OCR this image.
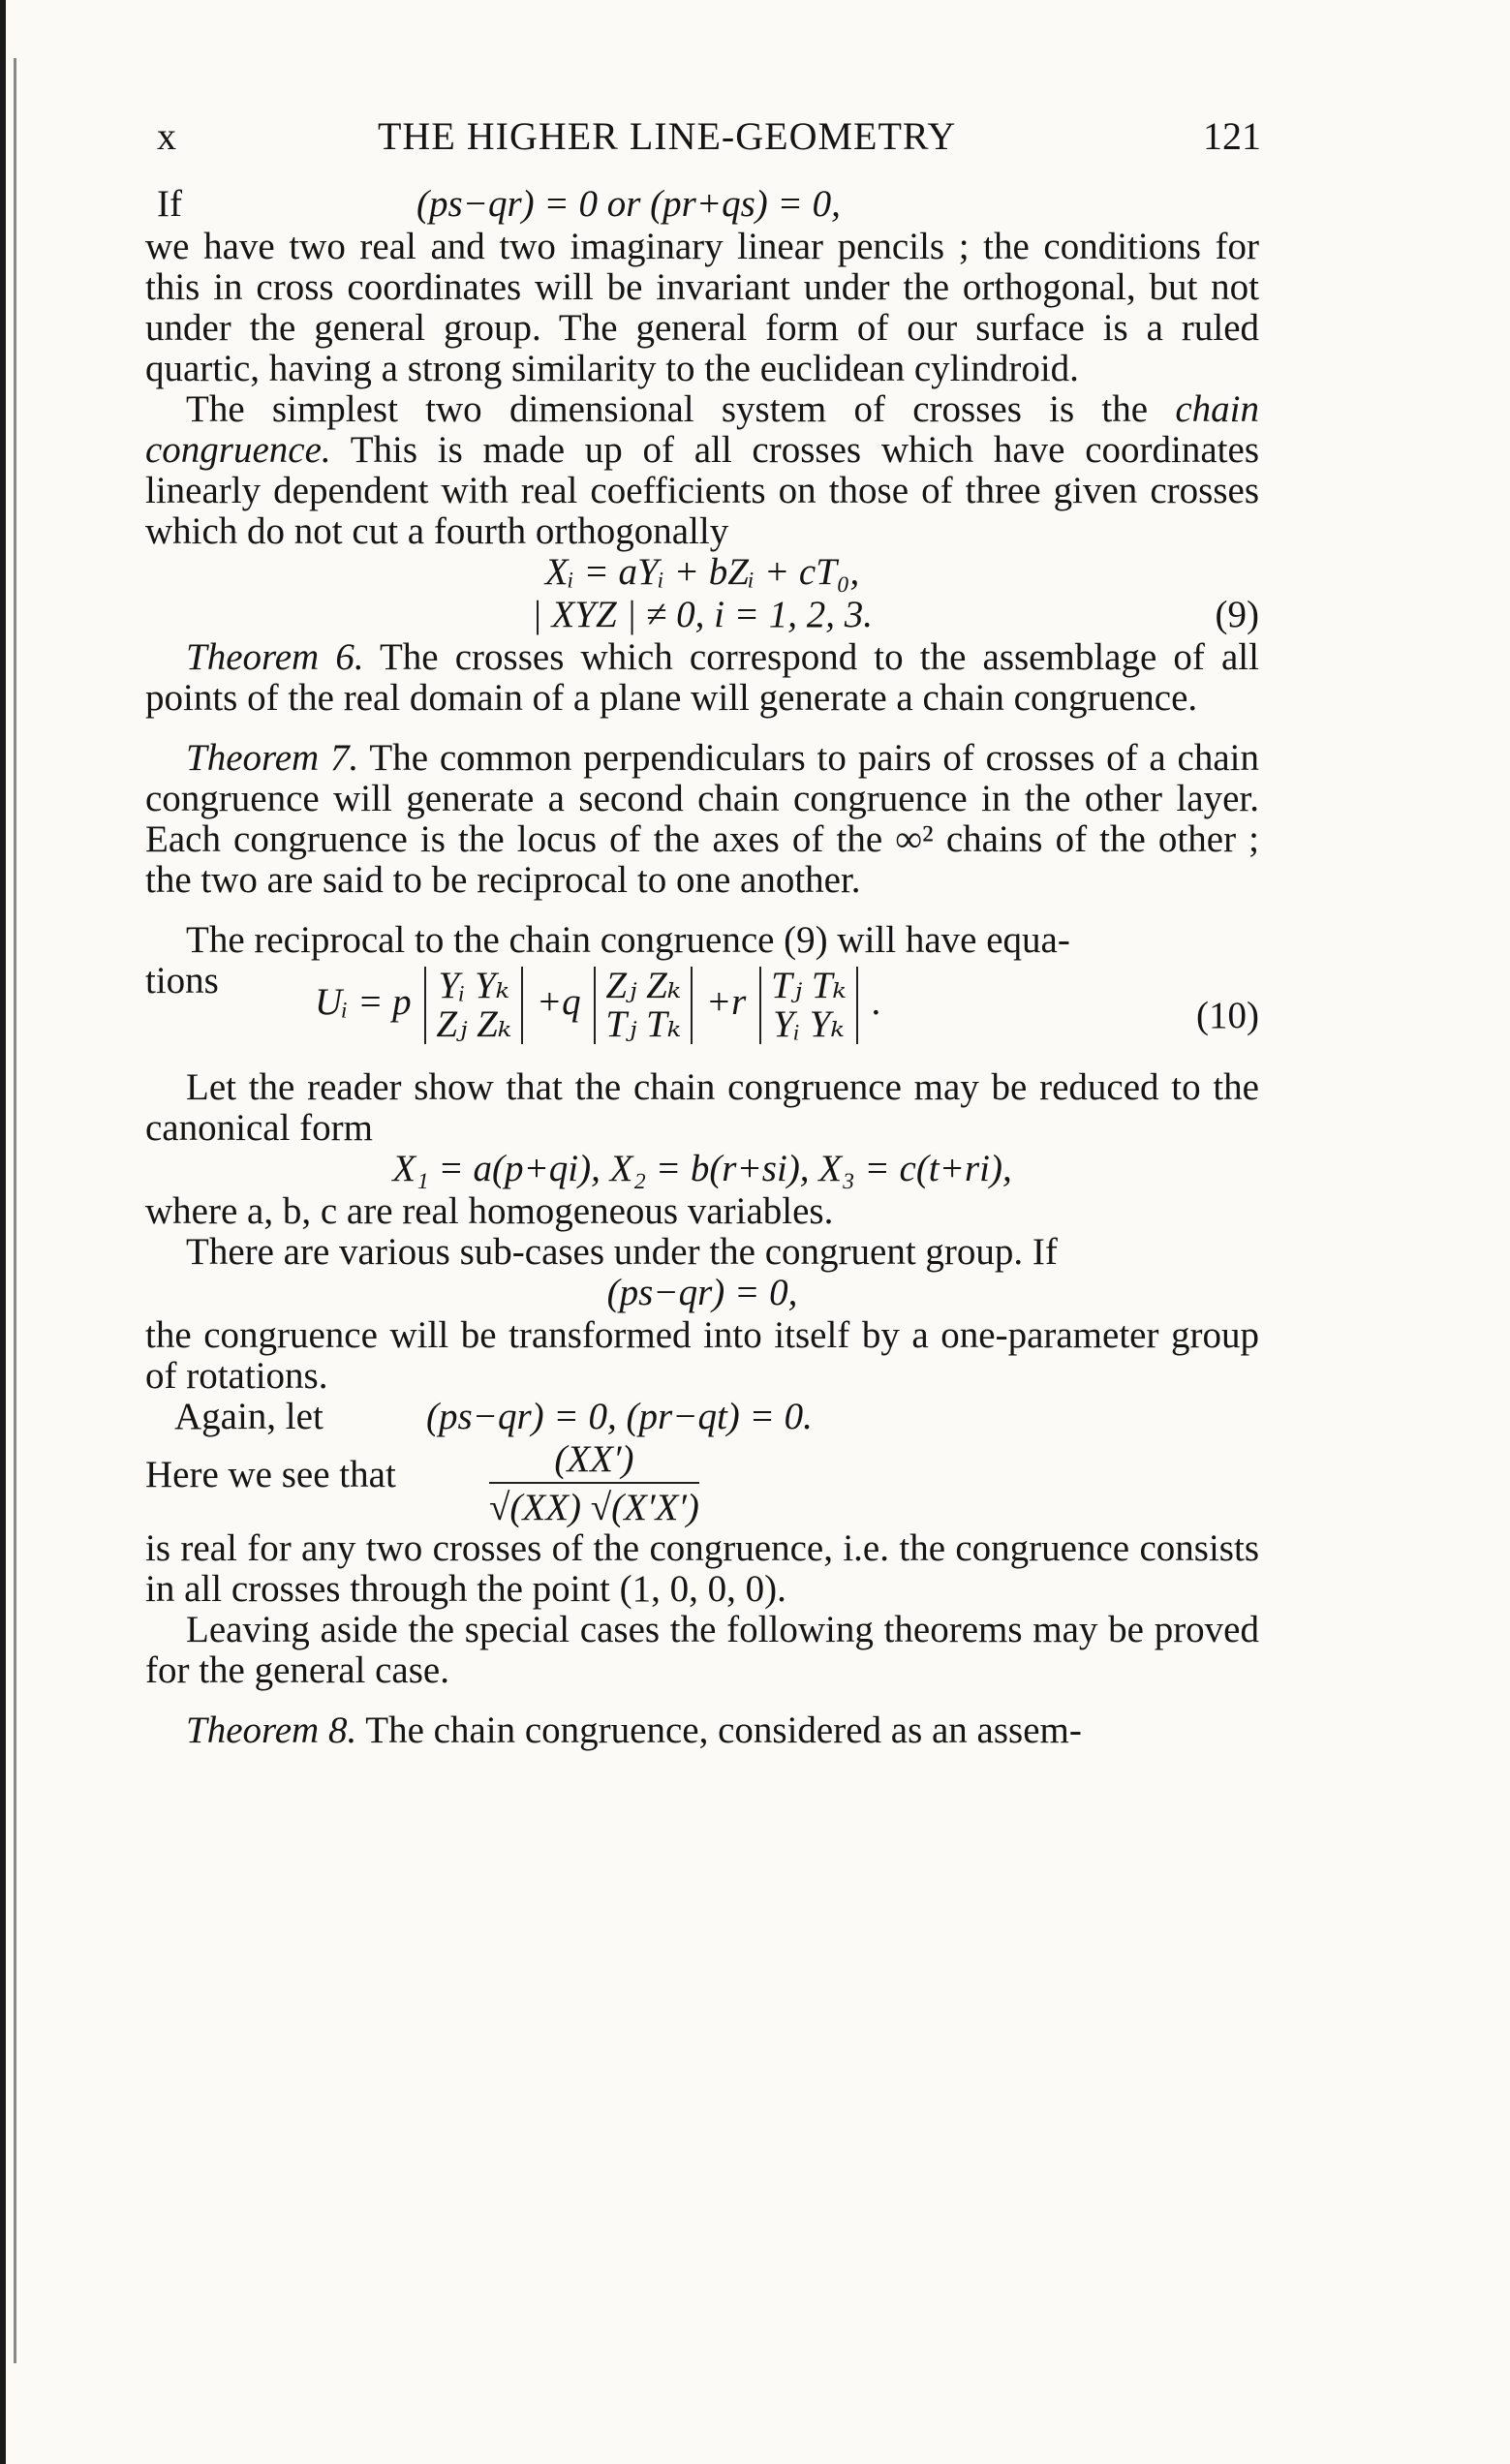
x	THE HIGHER LINE-GEOMETRY	121
If	(ps−qr) = 0 or (pr+qs) = 0,

we have two real and two imaginary linear pencils ; the conditions for this in cross coordinates will be invariant under the orthogonal, but not under the general group. The general form of our surface is a ruled quartic, having a strong similarity to the euclidean cylindroid.

The simplest two dimensional system of crosses is the chain congruence. This is made up of all crosses which have coordinates linearly dependent with real coefficients on those of three given crosses which do not cut a fourth orthogonally

Xᵢ = aYᵢ + bZᵢ + cT₀,
| XYZ | ≠ 0, i = 1, 2, 3.	(9)

Theorem 6. The crosses which correspond to the assemblage of all points of the real domain of a plane will generate a chain congruence.

Theorem 7. The common perpendiculars to pairs of crosses of a chain congruence will generate a second chain congruence in the other layer. Each congruence is the locus of the axes of the ∞² chains of the other ; the two are said to be reciprocal to one another.

The reciprocal to the chain congruence (9) will have equa-

tions
Uᵢ = p Yᵢ Yₖ
Zⱼ Zₖ +q Zⱼ Zₖ
Tⱼ Tₖ +r Tⱼ Tₖ
Yᵢ Yₖ .	(10)

Let the reader show that the chain congruence may be reduced to the canonical form

X₁ = a(p+qi), X₂ = b(r+si), X₃ = c(t+ri),

where a, b, c are real homogeneous variables.

There are various sub-cases under the congruent group. If

(ps−qr) = 0,

the congruence will be transformed into itself by a one-parameter group of rotations.

Again, let	(ps−qr) = 0, (pr−qt) = 0.
Here we see that $\frac{(XX')}{√(XX) √(X'X')}$

is real for any two crosses of the congruence, i.e. the congruence consists in all crosses through the point (1, 0, 0, 0).

Leaving aside the special cases the following theorems may be proved for the general case.

Theorem 8. The chain congruence, considered as an assem-
